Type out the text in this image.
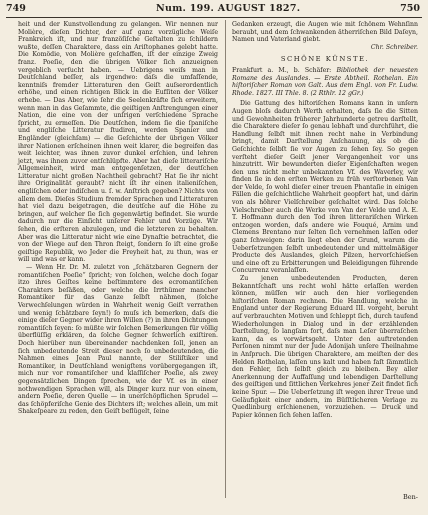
749	Num. 199. AUGUST 1827.	750

heit und der Kunstvollendung zu gelangen. Wir nennen nur Molière, dieſen Dichter, der auf ganz vorzügliche Weiſe Frankreich iſt, und nur franzöſiſche Geſtalten zu ſchildern wußte, deſſen Charaktere, dass ein Ariſtophanes gelebt hatte. Die Komödie, von Molière geſchaffen, iſt der einzige Zweig franz. Poeſie, den die übrigen Völker ſich anzueignen vergeblich verſucht haben. — Uebrigens weiſs man in Deutſchland beſſer, als irgendwo: daſs die umfaſſende, kenntniſs fremder Litteraturen den Geiſt auſserordentlich erhöhe, und einen richtigen Blick in die Eufſiten der Völker erhebe. — Das Aber, wie ſehr die Seelenkräfte ſich erweitern, wenn man in das Geſammte, die geiſtigen Anſtrengungen einer Nation, die eine von der unſrigen verſchiedene Sprache ſpricht, zu ermeſſen. Die Deutſchen, indem ſie die ſpaniſche und engliſche Litteratur ſtudiren, werden Spanier und Engländer (gleichſam) — die Geſchichte der übrigen Völker ihrer Nationen erſcheinen ihnen weit klarer, die begreifen das weit leichter, was ihnen zuvor dunkel erſchien, und lehren jetzt, was ihnen zuvor entſchlüpfte. Aber hat dieſe litterariſche Allgemeinheit, wird man entgegenſetzen, der deutſchen Litteratur nicht großen Nachtheil gebracht? Hat ſie ihr nicht ihre Originalität geraubt? nicht iſt ihr einen italieniſchen, engliſchen oder indiſchen u. ſ. w. Anſtrich gegeben? Nichts von allem dem. Dieſes Studium fremder Sprachen und Litteraturen hat viel dazu beigetragen, die deutſche auf die Höhe zu bringen, auf welcher ſie ſich gegenwärtig befindet. Sie wurde dadurch nur die Einſicht unſerer Fehler und Vorzüge. Wir ſehen, die erſteren abzulegen, und die letzteren zu behalten. Aber was die Litteratur nicht wie eine Dynaſtie betrachtet, die von der Wiege auf den Thron ſteigt, ſondern ſo iſt eine große geiſtige Republik, wo Jeder die Freyheit hat, zu thun, was er will und was er kann.

— Wenn Hr. Dr. M. zuletzt von „ſchätzbaren Gegnern der romantiſchen Poeſie“ ſpricht; von ſolchen, welche doch ſogar itzo ihres Geiſtes keine beſtimmtere des ecromantiſchen Charakters beſäßen, oder welche die Irrthümer mancher Romantiker für das Ganze ſelbſt nähmen, (ſolche Verwechſelungen würden in Wahrheit wenig Geiſt verrathen und wenig ſchätzbare ſeyn!) ſo muſs ich bemerken, daſs die einige dieſer Gegner wider ihren Willen (?) in ihren Dichtungen romantiſch ſeyen: ſo müßte wir ſolchen Bemerkungen für völlig überflüſſig erklären, da ſolche Gegner ſchwerlich exiſtiren. Doch hierüber nun übereinander nachdenken ſoll, jenen an ſich unbedeutende Streit dieser noch ſo unbedeutenden, die Nahmen eines Jean Paul nannte, der Stiliſtiker und Romantiker, in Deutſchland wenigſtens vorübergegangen iſt, mich nur vor romantiſcher und klaſſiſcher Poeſie, als zwey gegensätzlichen Dingen ſprechen, wie der Vf. es in einer nothwendigen Sprachen will, als Dinger kurz nur von einem, andern Poeſie, deren Quelle — in unerſchöpflichen Sprudel — das ſchöpferiſche Genie des Dichters iſt; welches allein, um mit Shakeſpeare zu reden, den Geiſt beflügelt, ſeine

Gedanken erzeugt, die Augen wie mit ſchönem Wehnſinn beraubt, und dem ſchwankenden ätherriſchen Bild Daſeyn, Namen und Vaterland giebt.

Chr. Schreiber.

SCHÖNE KÜNSTE.

Frankfurt a. M., b. Schäfer: Bibliothek der neuesten Romane des Auslandes. — Erste Abtheil. Rothelan. Ein hiſtoriſcher Roman von Galt. Aus dem Engl. von Fr. Ludw. Rhode. 1827. III Thle. 8. (2 Rthlr. 12 gGr.)

Die Gattung des hiſtoriſchen Romans kann in unſern Augen bloſs dadurch Werth erhalten, daſs ſie die Sitten und Gewohnheiten früherer Jahrhunderte getreu darſtellt, die Charaktere dieſer ſo genau lebhaft und durchführt, die Handlung ſelbſt mit ihnen recht nahe in Verbindung bringt, damit Darſtellung Anſchauung, als ob die Geſchichte ſelbſt ſie vor Augen zu ſehen ſey. So gegen verſteht dieſer Geiſt jener Vergangenheit vor uns hinzutritt. Wir bewunderten dieſer Eigenſchaften wegen den uns nicht mehr unbekannten Vf. des Waverley, wir finden ſie in den erſten Werken zu früh verſtorbenen Van der Velde, ſo wohl dieſer einer treuen Phantaſie in einigen Fällen die geſchichtliche Wahrheit geopfert hat, und darin von als höhrer Vielſchreiber geſchaltet wird. Das ſolche Vielschreiber auch die Werke von Van der Velde und A. E. T. Hoffmann durch den Tod ihren litterariſchen Wirken entzogen worden, daſs andere wie Fouqué, Arnim und Clemens Brentano nur ſelten ſich vernehmen laſſen oder ganz ſchweigen: darin liegt eben der Grund, warum die Ueberſetzungen ſelbſt unbedeutender und mittelmäßiger Producte des Auslandes, gleich Pilzen, hervorſchieſsen und eine oft zu Erbitterungen und Beleidigungen führende Concurrenz veranlaſſen.

Zu jenen unbedeutenden Producten, deren Bekanntſchaft uns recht wohl hätte erlaſſen werden können, müſſen wir auch den hier vorliegenden hiſtoriſchen Roman rechnen. Die Handlung, welche in England unter der Regierung Eduard III. vorgeht, beruht auf verbrauchten Motiven und ſchleppt ſich, durch taufend Wiederholungen in Dialog und in der erzählenden Darſtellung, ſo langſam fort, daſs man Leſer überraſchen kann, da es vorwärtsgeht. Unter den auftretenden Perſonen nimmt nur der Jude Adonijah unſere Theilnahme in Anſpruch. Die übrigen Charaktere, am meiſten der des Helden Rothelan, laſſen uns kalt und haben faſt ſämmtlich den Fehler, ſich ſelbſt gleich zu bleiben. Bey aller Anerkennung der Auffaſſung und lebendigen Darſtellung des geiſtigen und ſittlichen Verkehres jener Zeit findet ſich keine Spur. — Die Ueberſetzung iſt wegen ihrer Treue und Geläufigkeit einer andern, im Büſſtlicheren Verlage zu Quedlinburg erſchienenen, vorzuziehen. — Druck und Papier können ſich ſehen laſſen.

Ben-
